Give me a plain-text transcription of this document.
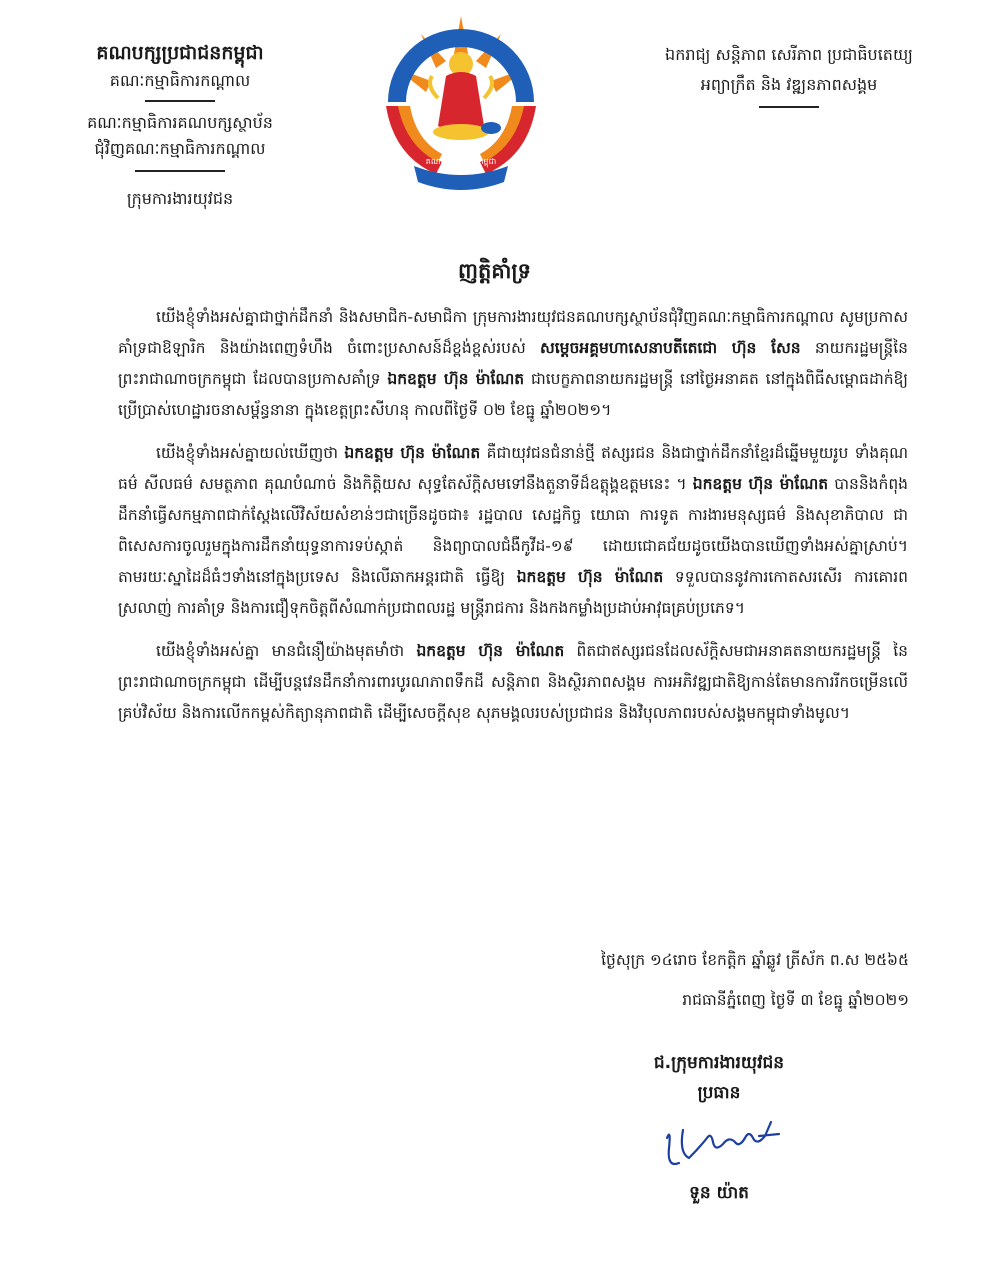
គណបក្សប្រជាជនកម្ពុជា
គណៈកម្មាធិការកណ្តាល
គណៈកម្មាធិការគណបក្សស្ថាប័ន
ជុំវិញគណៈកម្មាធិការកណ្តាល
ក្រុមការងារយុវជន
គណបក្សប្រជាជនកម្ពុជា
ឯករាជ្យ សន្តិភាព សេរីភាព ប្រជាធិបតេយ្យ
អព្យាក្រឹត និង វឌ្ឍនភាពសង្គម
ញត្តិគាំទ្រ

យើងខ្ញុំទាំងអស់គ្នាជាថ្នាក់ដឹកនាំ និងសមាជិក-សមាជិកា ក្រុមការងារយុវជនគណបក្សស្ថាប័នជុំវិញគណៈកម្មាធិការកណ្តាល សូមប្រកាសគាំទ្រជាឱឡារិក និងយ៉ាងពេញទំហឹង ចំពោះប្រសាសន៍ដ៏ខ្ពង់ខ្ពស់របស់ សម្តេចអគ្គមហាសេនាបតីតេជោ ហ៊ុន សែន នាយករដ្ឋមន្រ្តីនៃព្រះរាជាណាចក្រកម្ពុជា ដែលបានប្រកាសគាំទ្រ ឯកឧត្តម ហ៊ុន ម៉ាណែត ជាបេក្ខភាពនាយករដ្ឋមន្ត្រី នៅថ្ងៃអនាគត នៅក្នុងពិធីសម្ពោធដាក់ឱ្យប្រើប្រាស់ហេដ្ឋារចនាសម្ព័ន្ធនានា ក្នុងខេត្តព្រះសីហនុ កាលពីថ្ងៃទី ០២ ខែធ្នូ ឆ្នាំ២០២១។

យើងខ្ញុំទាំងអស់គ្នាយល់ឃើញថា ឯកឧត្តម ហ៊ុន ម៉ាណែត គឺជាយុវជនជំនាន់ថ្មី ឥស្សរជន និងជាថ្នាក់ដឹកនាំខ្មែរដ៏ឆ្នើមមួយរូប ទាំងគុណធម៌ សីលធម៌ សមត្ថភាព គុណបំណាច់ និងកិត្តិយស សុទ្ធតែស័ក្តិសមទៅនឹងតួនាទីដ៏ឧត្តុង្គឧត្តមនេះ ។ ឯកឧត្តម ហ៊ុន ម៉ាណែត បាននិងកំពុងដឹកនាំធ្វើសកម្មភាពជាក់ស្តែងលើវិស័យសំខាន់ៗជាច្រើនដូចជា៖ រដ្ឋបាល សេដ្ឋកិច្ច យោធា ការទូត ការងារមនុស្សធម៌ និងសុខាភិបាល ជាពិសេសការចូលរួមក្នុងការដឹកនាំយុទ្ធនាការទប់ស្កាត់ និងព្យាបាលជំងឺកូវីដ-១៩ ដោយជោគជ័យដូចយើងបានឃើញទាំងអស់គ្នាស្រាប់។ តាមរយៈស្នាដៃដ៏ធំៗទាំងនៅក្នុងប្រទេស និងលើឆាកអន្តរជាតិ ធ្វើឱ្យ ឯកឧត្តម ហ៊ុន ម៉ាណែត ទទួលបាននូវការកោតសរសើរ ការគោរពស្រលាញ់ ការគាំទ្រ និងការជឿទុកចិត្តពីសំណាក់ប្រជាពលរដ្ឋ មន្ត្រីរាជការ និងកងកម្លាំងប្រដាប់អាវុធគ្រប់ប្រភេទ។

យើងខ្ញុំទាំងអស់គ្នា មានជំនឿយ៉ាងមុតមាំថា ឯកឧត្តម ហ៊ុន ម៉ាណែត ពិតជាឥស្សរជនដែលស័ក្តិសមជាអនាគតនាយករដ្ឋមន្ត្រី នៃព្រះរាជាណាចក្រកម្ពុជា ដើម្បីបន្តវេនដឹកនាំការពារបូរណភាពទឹកដី សន្តិភាព និងស្ថិរភាពសង្គម ការអភិវឌ្ឍជាតិឱ្យកាន់តែមានការរីកចម្រើនលើគ្រប់វិស័យ និងការលើកកម្ពស់កិត្យានុភាពជាតិ ដើម្បីសេចក្តីសុខ សុភមង្គលរបស់ប្រជាជន និងវិបុលភាពរបស់សង្គមកម្ពុជាទាំងមូល។

ថ្ងៃសុក្រ ១៤រោច ខែកត្តិក ឆ្នាំឆ្លូវ ត្រីស័ក ព.ស ២៥៦៥
រាជធានីភ្នំពេញ ថ្ងៃទី ៣ ខែធ្នូ ឆ្នាំ២០២១
ជ.ក្រុមការងារយុវជន
ប្រធាន
ទួន យ៉ាត
